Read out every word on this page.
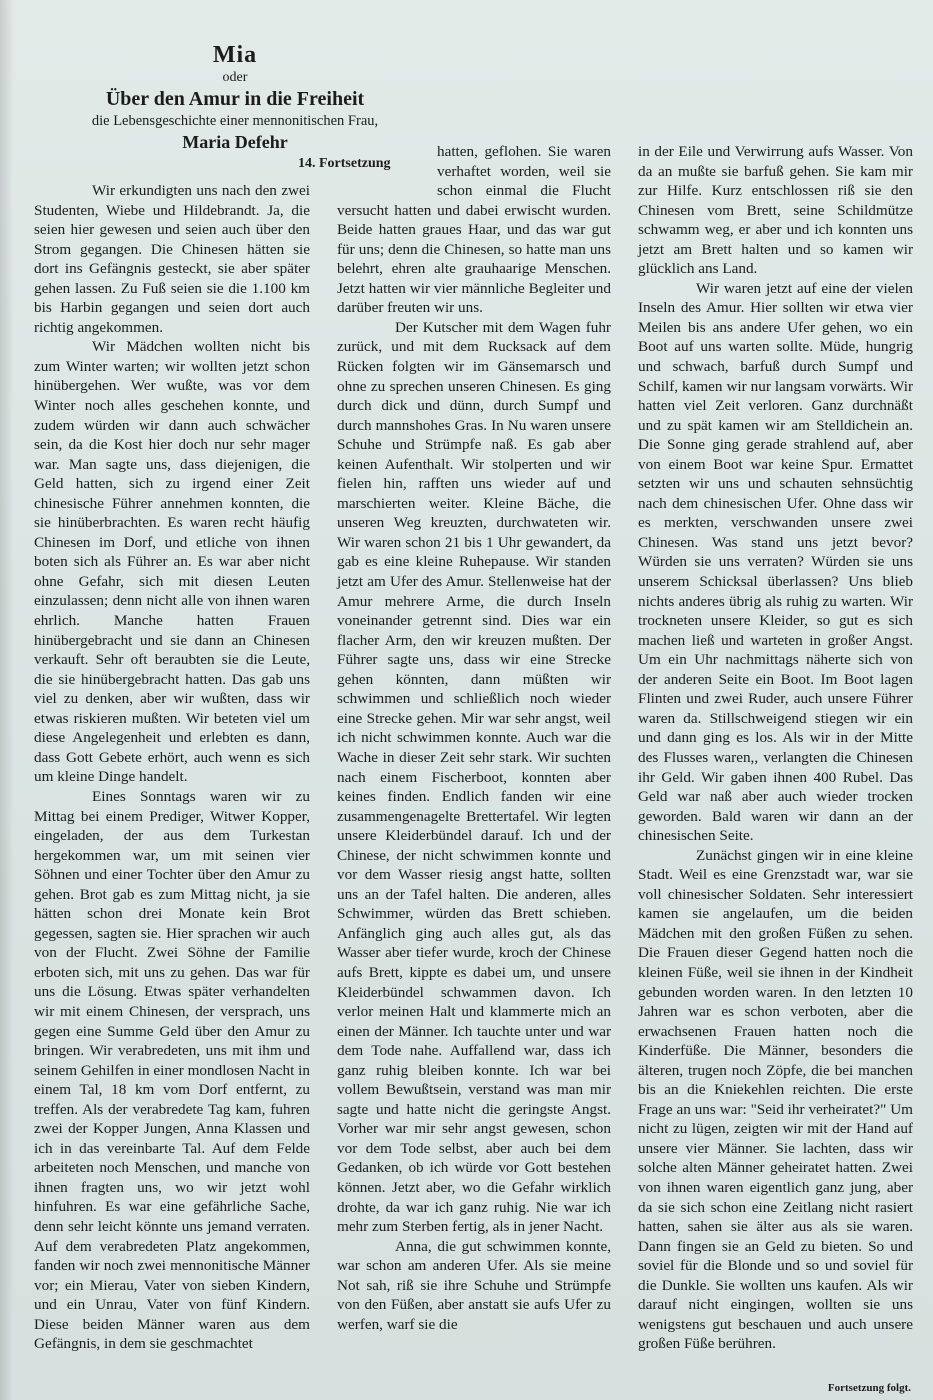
Mia
oder
Über den Amur in die Freiheit
die Lebensgeschichte einer mennonitischen Frau,
Maria Defehr
14. Fortsetzung

Wir erkundigten uns nach den zwei Studenten, Wiebe und Hildebrandt. Ja, die seien hier gewesen und seien auch über den Strom gegangen. Die Chinesen hätten sie dort ins Gefängnis gesteckt, sie aber später gehen lassen. Zu Fuß seien sie die 1.100 km bis Harbin gegangen und seien dort auch richtig angekommen.

Wir Mädchen wollten nicht bis zum Winter warten; wir wollten jetzt schon hinübergehen. Wer wußte, was vor dem Winter noch alles geschehen konnte, und zudem würden wir dann auch schwächer sein, da die Kost hier doch nur sehr mager war. Man sagte uns, dass diejenigen, die Geld hatten, sich zu irgend einer Zeit chinesische Führer annehmen konnten, die sie hinüberbrachten. Es waren recht häufig Chinesen im Dorf, und etliche von ihnen boten sich als Führer an. Es war aber nicht ohne Gefahr, sich mit diesen Leuten einzulassen; denn nicht alle von ihnen waren ehrlich. Manche hatten Frauen hinübergebracht und sie dann an Chinesen verkauft. Sehr oft beraubten sie die Leute, die sie hinübergebracht hatten. Das gab uns viel zu denken, aber wir wußten, dass wir etwas riskieren mußten. Wir beteten viel um diese Angelegenheit und erlebten es dann, dass Gott Gebete erhört, auch wenn es sich um kleine Dinge handelt.

Eines Sonntags waren wir zu Mittag bei einem Prediger, Witwer Kopper, eingeladen, der aus dem Turkestan hergekommen war, um mit seinen vier Söhnen und einer Tochter über den Amur zu gehen. Brot gab es zum Mittag nicht, ja sie hätten schon drei Monate kein Brot gegessen, sagten sie. Hier sprachen wir auch von der Flucht. Zwei Söhne der Familie erboten sich, mit uns zu gehen. Das war für uns die Lösung. Etwas später verhandelten wir mit einem Chinesen, der versprach, uns gegen eine Summe Geld über den Amur zu bringen. Wir verabredeten, uns mit ihm und seinem Gehilfen in einer mondlosen Nacht in einem Tal, 18 km vom Dorf entfernt, zu treffen. Als der verabredete Tag kam, fuhren zwei der Kopper Jungen, Anna Klassen und ich in das vereinbarte Tal. Auf dem Felde arbeiteten noch Menschen, und manche von ihnen fragten uns, wo wir jetzt wohl hinfuhren. Es war eine gefährliche Sache, denn sehr leicht könnte uns jemand verraten. Auf dem verabredeten Platz angekommen, fanden wir noch zwei mennonitische Männer vor; ein Mierau, Vater von sieben Kindern, und ein Unrau, Vater von fünf Kindern. Diese beiden Männer waren aus dem Gefängnis, in dem sie geschmachtet

hatten, geflohen. Sie waren verhaftet worden, weil sie schon einmal die Flucht versucht hatten und dabei erwischt wurden. Beide hatten graues Haar, und das war gut für uns; denn die Chinesen, so hatte man uns belehrt, ehren alte grauhaarige Menschen. Jetzt hatten wir vier männliche Begleiter und darüber freuten wir uns.

Der Kutscher mit dem Wagen fuhr zurück, und mit dem Rucksack auf dem Rücken folgten wir im Gänsemarsch und ohne zu sprechen unseren Chinesen. Es ging durch dick und dünn, durch Sumpf und durch mannshohes Gras. In Nu waren unsere Schuhe und Strümpfe naß. Es gab aber keinen Aufenthalt. Wir stolperten und wir fielen hin, rafften uns wieder auf und marschierten weiter. Kleine Bäche, die unseren Weg kreuzten, durchwateten wir. Wir waren schon 21 bis 1 Uhr gewandert, da gab es eine kleine Ruhepause. Wir standen jetzt am Ufer des Amur. Stellenweise hat der Amur mehrere Arme, die durch Inseln voneinander getrennt sind. Dies war ein flacher Arm, den wir kreuzen mußten. Der Führer sagte uns, dass wir eine Strecke gehen könnten, dann müßten wir schwimmen und schließlich noch wieder eine Strecke gehen. Mir war sehr angst, weil ich nicht schwimmen konnte. Auch war die Wache in dieser Zeit sehr stark. Wir suchten nach einem Fischerboot, konnten aber keines finden. Endlich fanden wir eine zusammengenagelte Brettertafel. Wir legten unsere Kleiderbündel darauf. Ich und der Chinese, der nicht schwimmen konnte und vor dem Wasser riesig angst hatte, sollten uns an der Tafel halten. Die anderen, alles Schwimmer, würden das Brett schieben. Anfänglich ging auch alles gut, als das Wasser aber tiefer wurde, kroch der Chinese aufs Brett, kippte es dabei um, und unsere Kleiderbündel schwammen davon. Ich verlor meinen Halt und klammerte mich an einen der Männer. Ich tauchte unter und war dem Tode nahe. Auffallend war, dass ich ganz ruhig bleiben konnte. Ich war bei vollem Bewußtsein, verstand was man mir sagte und hatte nicht die geringste Angst. Vorher war mir sehr angst gewesen, schon vor dem Tode selbst, aber auch bei dem Gedanken, ob ich würde vor Gott bestehen können. Jetzt aber, wo die Gefahr wirklich drohte, da war ich ganz ruhig. Nie war ich mehr zum Sterben fertig, als in jener Nacht.

Anna, die gut schwimmen konnte, war schon am anderen Ufer. Als sie meine Not sah, riß sie ihre Schuhe und Strümpfe von den Füßen, aber anstatt sie aufs Ufer zu werfen, warf sie die

in der Eile und Verwirrung aufs Wasser. Von da an mußte sie barfuß gehen. Sie kam mir zur Hilfe. Kurz entschlossen riß sie den Chinesen vom Brett, seine Schildmütze schwamm weg, er aber und ich konnten uns jetzt am Brett halten und so kamen wir glücklich ans Land.

Wir waren jetzt auf eine der vielen Inseln des Amur. Hier sollten wir etwa vier Meilen bis ans andere Ufer gehen, wo ein Boot auf uns warten sollte. Müde, hungrig und schwach, barfuß durch Sumpf und Schilf, kamen wir nur langsam vorwärts. Wir hatten viel Zeit verloren. Ganz durchnäßt und zu spät kamen wir am Stelldichein an. Die Sonne ging gerade strahlend auf, aber von einem Boot war keine Spur. Ermattet setzten wir uns und schauten sehnsüchtig nach dem chinesischen Ufer. Ohne dass wir es merkten, verschwanden unsere zwei Chinesen. Was stand uns jetzt bevor? Würden sie uns verraten? Würden sie uns unserem Schicksal überlassen? Uns blieb nichts anderes übrig als ruhig zu warten. Wir trockneten unsere Kleider, so gut es sich machen ließ und warteten in großer Angst. Um ein Uhr nachmittags näherte sich von der anderen Seite ein Boot. Im Boot lagen Flinten und zwei Ruder, auch unsere Führer waren da. Stillschweigend stiegen wir ein und dann ging es los. Als wir in der Mitte des Flusses waren,, verlangten die Chinesen ihr Geld. Wir gaben ihnen 400 Rubel. Das Geld war naß aber auch wieder trocken geworden. Bald waren wir dann an der chinesischen Seite.

Zunächst gingen wir in eine kleine Stadt. Weil es eine Grenzstadt war, war sie voll chinesischer Soldaten. Sehr interessiert kamen sie angelaufen, um die beiden Mädchen mit den großen Füßen zu sehen. Die Frauen dieser Gegend hatten noch die kleinen Füße, weil sie ihnen in der Kindheit gebunden worden waren. In den letzten 10 Jahren war es schon verboten, aber die erwachsenen Frauen hatten noch die Kinderfüße. Die Männer, besonders die älteren, trugen noch Zöpfe, die bei manchen bis an die Kniekehlen reichten. Die erste Frage an uns war: "Seid ihr verheiratet?" Um nicht zu lügen, zeigten wir mit der Hand auf unsere vier Männer. Sie lachten, dass wir solche alten Männer geheiratet hatten. Zwei von ihnen waren eigentlich ganz jung, aber da sie sich schon eine Zeitlang nicht rasiert hatten, sahen sie älter aus als sie waren. Dann fingen sie an Geld zu bieten. So und soviel für die Blonde und so und soviel für die Dunkle. Sie wollten uns kaufen. Als wir darauf nicht eingingen, wollten sie uns wenigstens gut beschauen und auch unsere großen Füße berühren.

Fortsetzung folgt.
